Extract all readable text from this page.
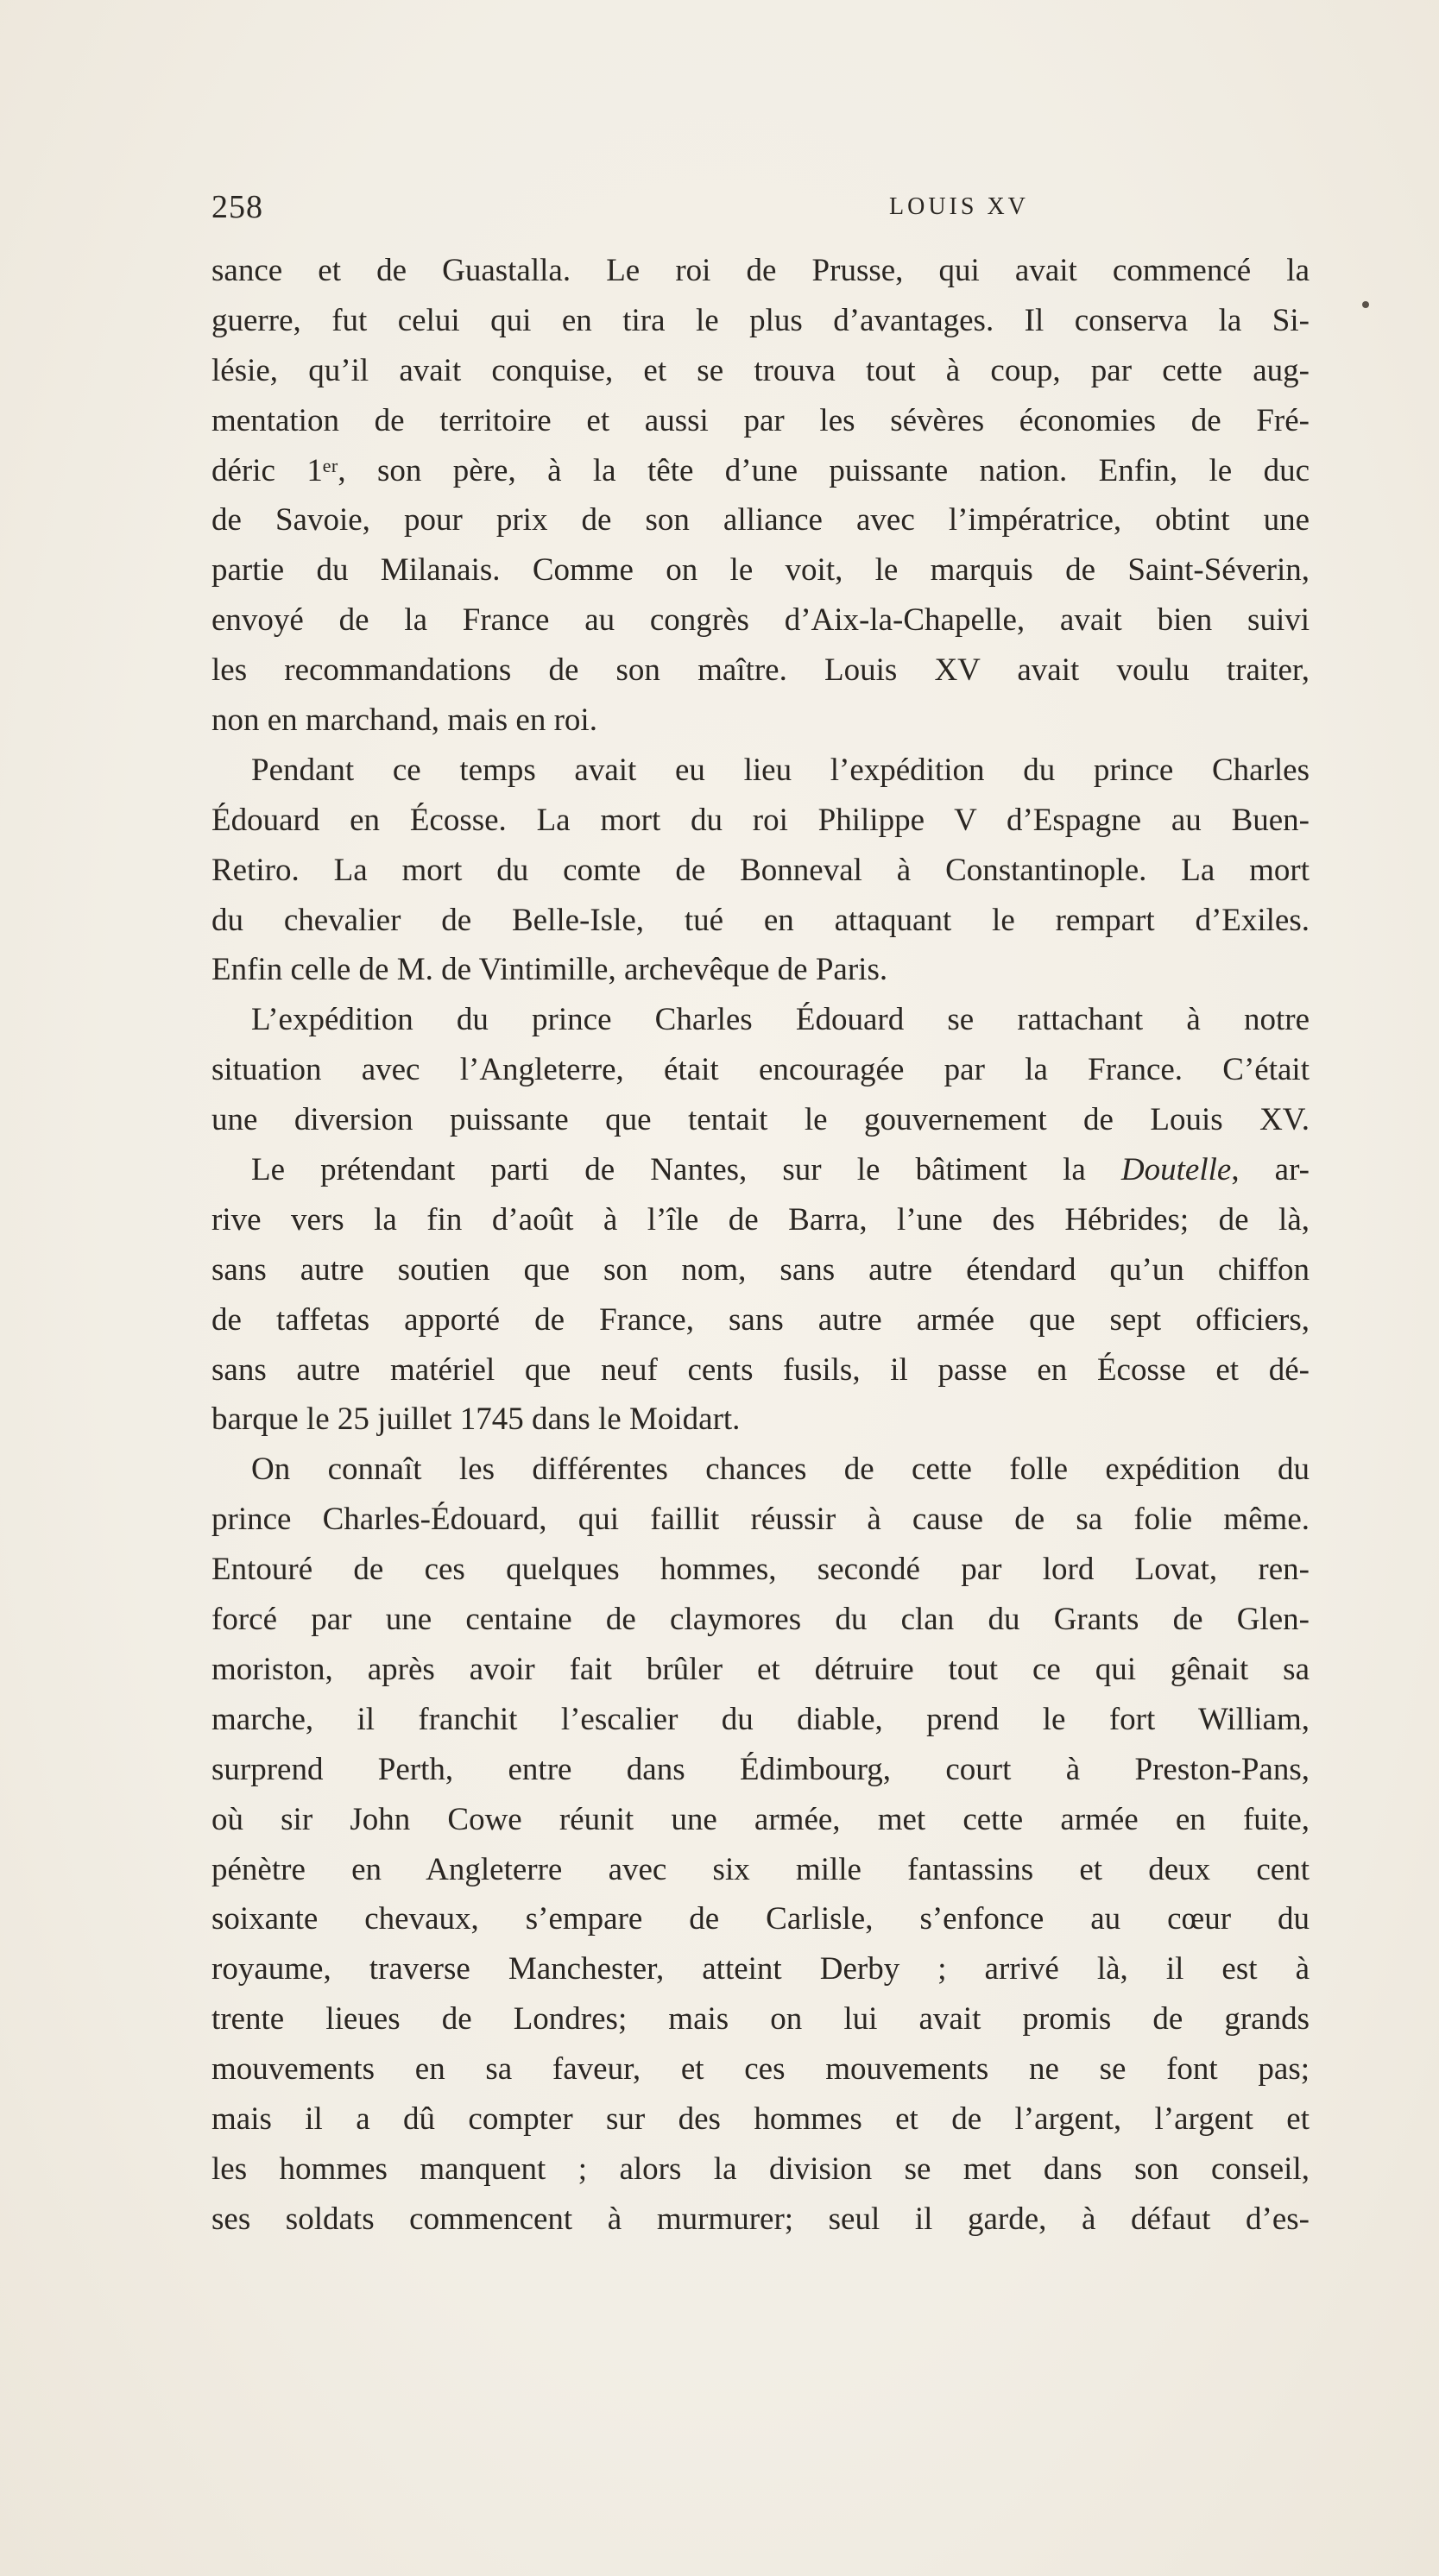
258	LOUIS XV
sance et de Guastalla. Le roi de Prusse, qui avait commencé la
guerre, fut celui qui en tira le plus d’avantages. Il conserva la Si-
lésie, qu’il avait conquise, et se trouva tout à coup, par cette aug-
mentation de territoire et aussi par les sévères économies de Fré-
déric 1ᵉʳ, son père, à la tête d’une puissante nation. Enfin, le duc
de Savoie, pour prix de son alliance avec l’impératrice, obtint une
partie du Milanais. Comme on le voit, le marquis de Saint-Séverin,
envoyé de la France au congrès d’Aix-la-Chapelle, avait bien suivi
les recommandations de son maître. Louis XV avait voulu traiter,
non en marchand, mais en roi.
Pendant ce temps avait eu lieu l’expédition du prince Charles
Édouard en Écosse. La mort du roi Philippe V d’Espagne au Buen-
Retiro. La mort du comte de Bonneval à Constantinople. La mort
du chevalier de Belle-Isle, tué en attaquant le rempart d’Exiles.
Enfin celle de M. de Vintimille, archevêque de Paris.
L’expédition du prince Charles Édouard se rattachant à notre
situation avec l’Angleterre, était encouragée par la France. C’était
une diversion puissante que tentait le gouvernement de Louis XV.
Le prétendant parti de Nantes, sur le bâtiment la Doutelle, ar-
rive vers la fin d’août à l’île de Barra, l’une des Hébrides; de là,
sans autre soutien que son nom, sans autre étendard qu’un chiffon
de taffetas apporté de France, sans autre armée que sept officiers,
sans autre matériel que neuf cents fusils, il passe en Écosse et dé-
barque le 25 juillet 1745 dans le Moidart.
On connaît les différentes chances de cette folle expédition du
prince Charles-Édouard, qui faillit réussir à cause de sa folie même.
Entouré de ces quelques hommes, secondé par lord Lovat, ren-
forcé par une centaine de claymores du clan du Grants de Glen-
moriston, après avoir fait brûler et détruire tout ce qui gênait sa
marche, il franchit l’escalier du diable, prend le fort William,
surprend Perth, entre dans Édimbourg, court à Preston-Pans,
où sir John Cowe réunit une armée, met cette armée en fuite,
pénètre en Angleterre avec six mille fantassins et deux cent
soixante chevaux, s’empare de Carlisle, s’enfonce au cœur du
royaume, traverse Manchester, atteint Derby ; arrivé là, il est à
trente lieues de Londres; mais on lui avait promis de grands
mouvements en sa faveur, et ces mouvements ne se font pas;
mais il a dû compter sur des hommes et de l’argent, l’argent et
les hommes manquent ; alors la division se met dans son conseil,
ses soldats commencent à murmurer; seul il garde, à défaut d’es-
